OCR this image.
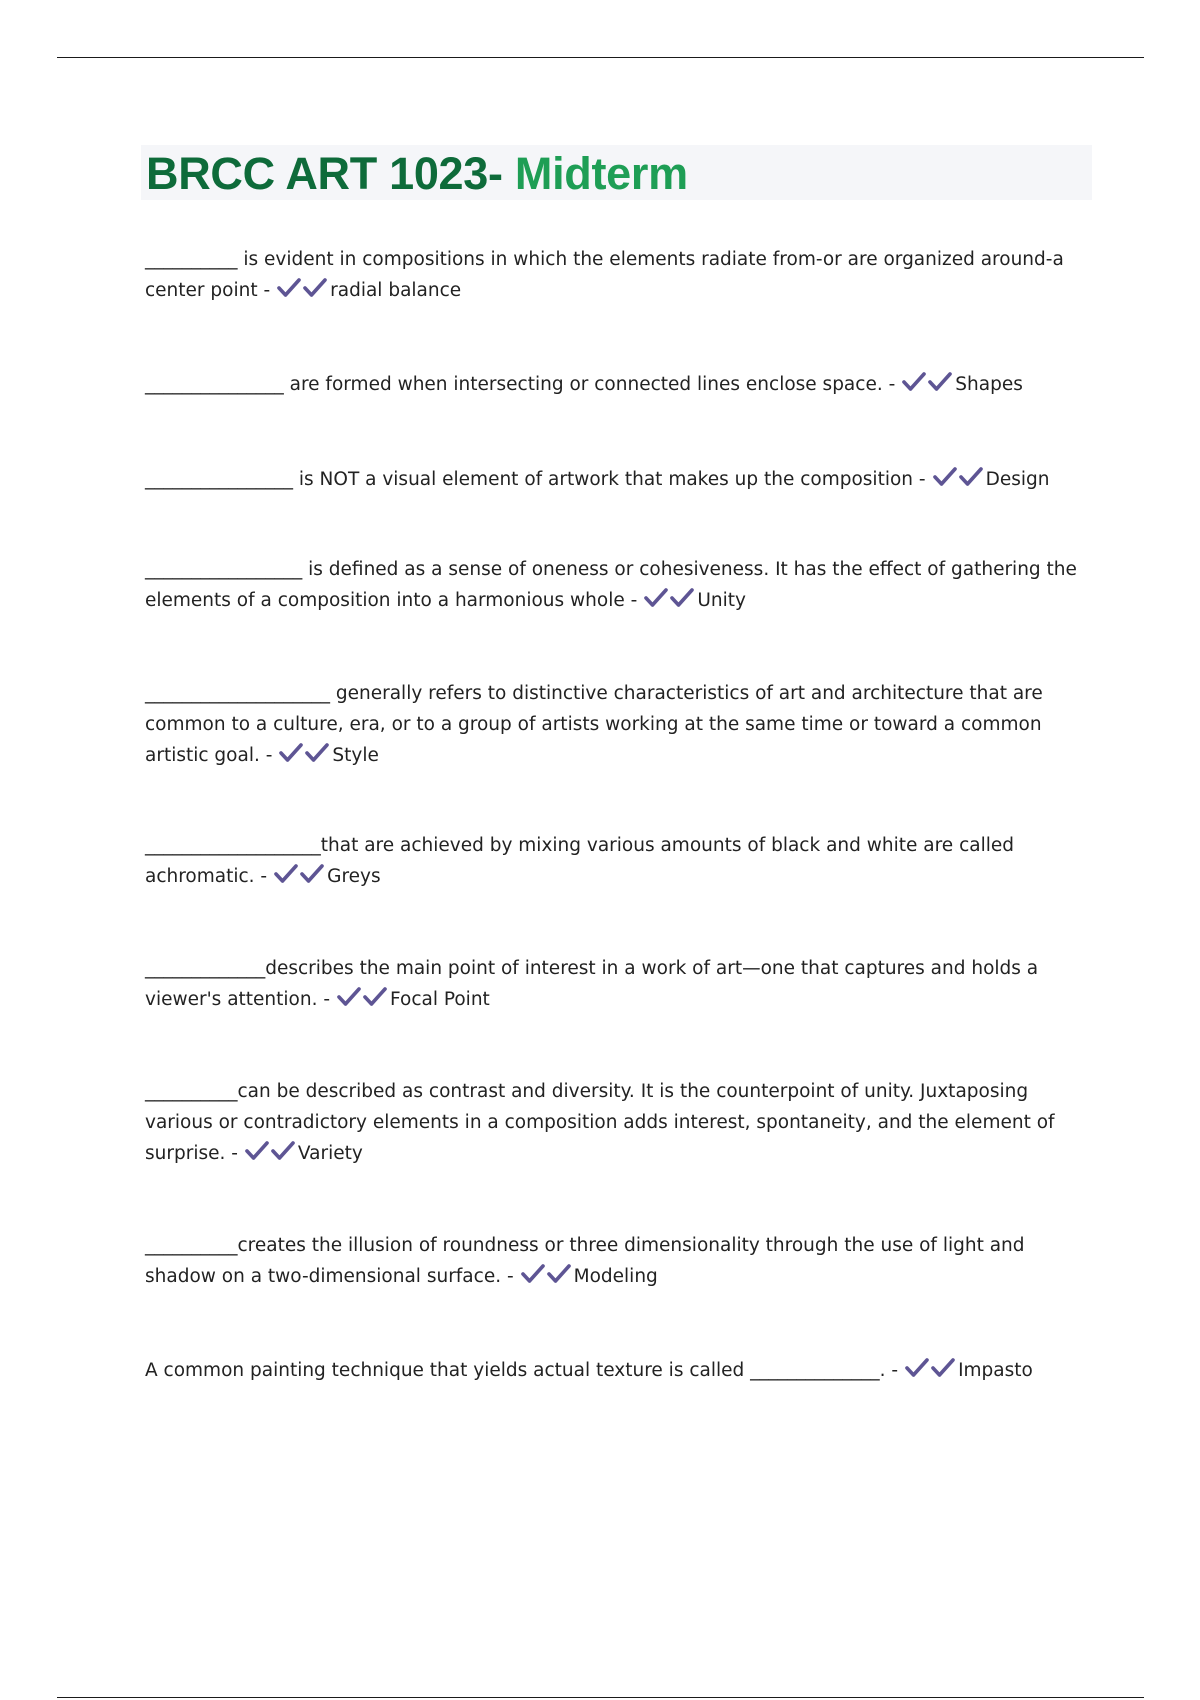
BRCC ART 1023- Midterm
__________ is evident in compositions in which the elements radiate from-or are organized around-a center point -	radial balance
_______________ are formed when intersecting or connected lines enclose space. -	Shapes
________________ is NOT a visual element of artwork that makes up the composition -	Design
_________________ is defined as a sense of oneness or cohesiveness. It has the effect of gathering the elements of a composition into a harmonious whole -	Unity
____________________ generally refers to distinctive characteristics of art and architecture that are common to a culture, era, or to a group of artists working at the same time or toward a common artistic goal. -	Style
___________________that are achieved by mixing various amounts of black and white are called achromatic. -	Greys
_____________describes the main point of interest in a work of art—one that captures and holds a viewer's attention. -	Focal Point
__________can be described as contrast and diversity. It is the counterpoint of unity. Juxtaposing various or contradictory elements in a composition adds interest, spontaneity, and the element of surprise. -	Variety
__________creates the illusion of roundness or three dimensionality through the use of light and shadow on a two-dimensional surface. -	Modeling
A common painting technique that yields actual texture is called ______________. -	Impasto
